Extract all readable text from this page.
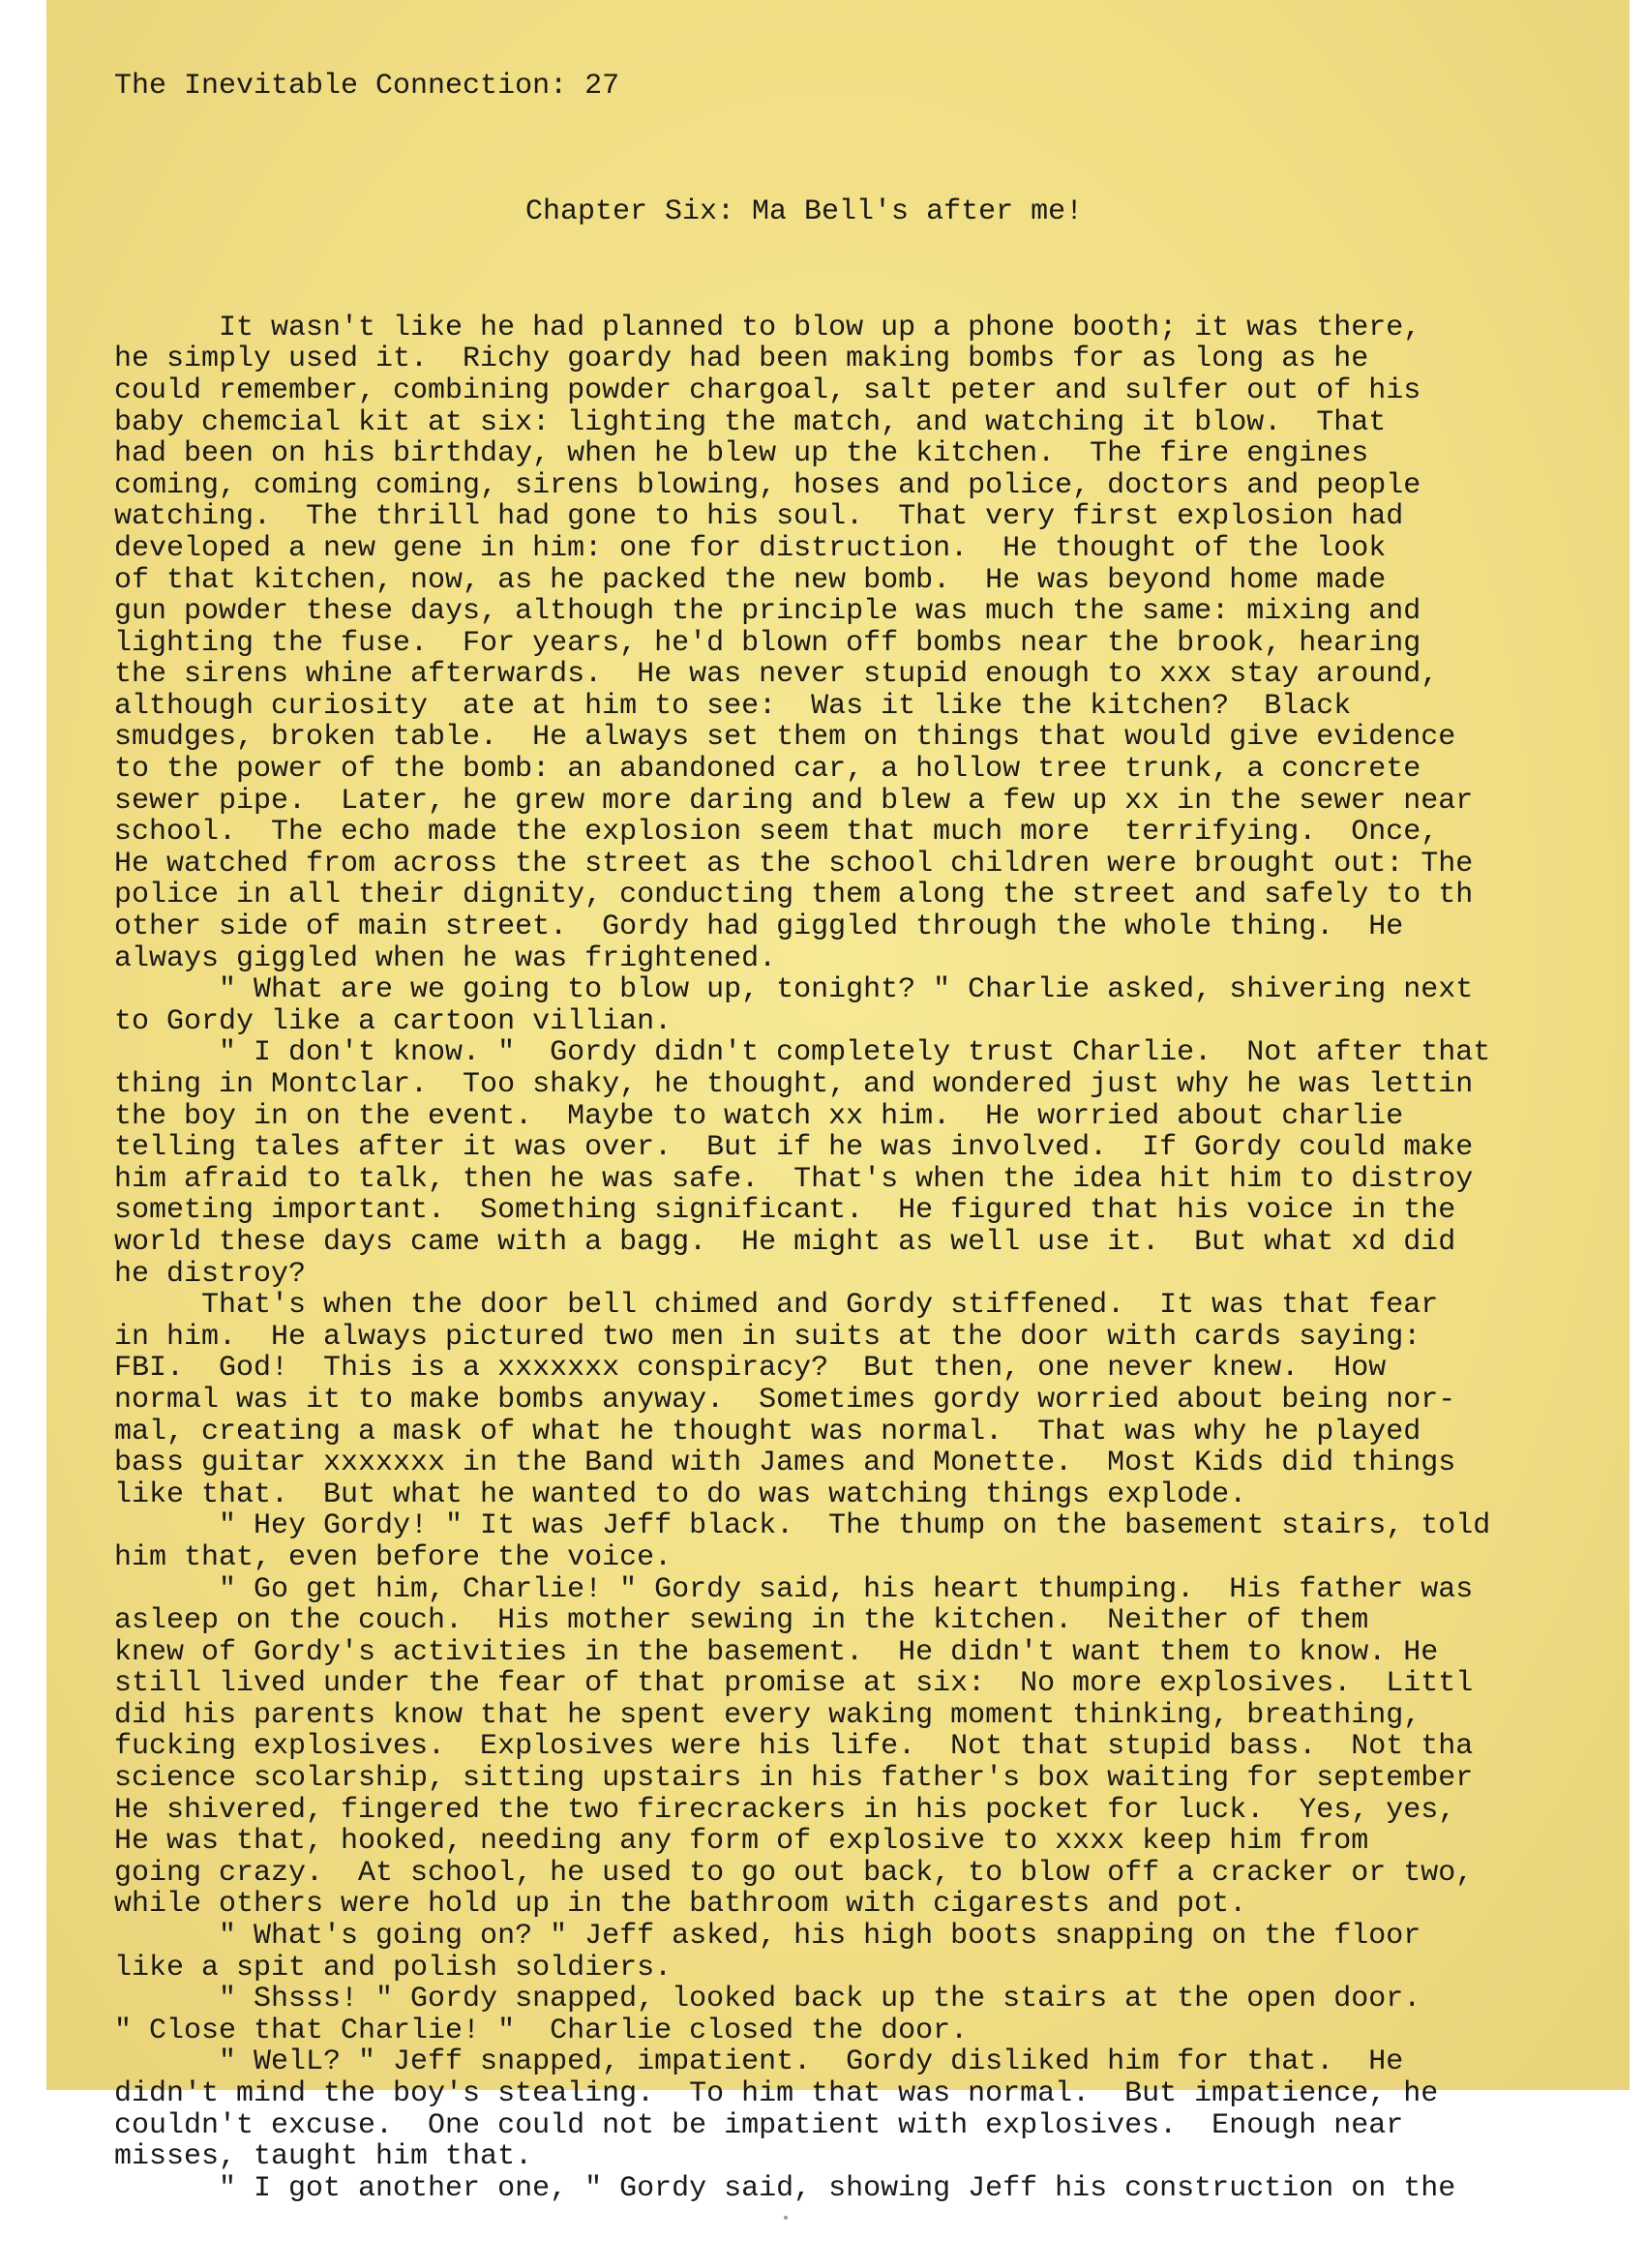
The Inevitable Connection: 27

Chapter Six: Ma Bell's after me!

It wasn't like he had planned to blow up a phone booth; it was there,
he simply used it.  Richy goardy had been making bombs for as long as he
could remember, combining powder chargoal, salt peter and sulfer out of his
baby chemcial kit at six: lighting the match, and watching it blow.  That
had been on his birthday, when he blew up the kitchen.  The fire engines
coming, coming coming, sirens blowing, hoses and police, doctors and people
watching.  The thrill had gone to his soul.  That very first explosion had
developed a new gene in him: one for distruction.  He thought of the look
of that kitchen, now, as he packed the new bomb.  He was beyond home made
gun powder these days, although the principle was much the same: mixing and
lighting the fuse.  For years, he'd blown off bombs near the brook, hearing
the sirens whine afterwards.  He was never stupid enough to xxx stay around,
although curiosity  ate at him to see:  Was it like the kitchen?  Black
smudges, broken table.  He always set them on things that would give evidence
to the power of the bomb: an abandoned car, a hollow tree trunk, a concrete
sewer pipe.  Later, he grew more daring and blew a few up xx in the sewer near
school.  The echo made the explosion seem that much more  terrifying.  Once,
He watched from across the street as the school children were brought out: The
police in all their dignity, conducting them along the street and safely to th
other side of main street.  Gordy had giggled through the whole thing.  He
always giggled when he was frightened.
" What are we going to blow up, tonight? " Charlie asked, shivering next
to Gordy like a cartoon villian.
" I don't know. "  Gordy didn't completely trust Charlie.  Not after that
thing in Montclar.  Too shaky, he thought, and wondered just why he was lettin
the boy in on the event.  Maybe to watch xx him.  He worried about charlie
telling tales after it was over.  But if he was involved.  If Gordy could make
him afraid to talk, then he was safe.  That's when the idea hit him to distroy
someting important.  Something significant.  He figured that his voice in the
world these days came with a bagg.  He might as well use it.  But what xd did
he distroy?
That's when the door bell chimed and Gordy stiffened.  It was that fear
in him.  He always pictured two men in suits at the door with cards saying:
FBI.  God!  This is a xxxxxxx conspiracy?  But then, one never knew.  How
normal was it to make bombs anyway.  Sometimes gordy worried about being nor-
mal, creating a mask of what he thought was normal.  That was why he played
bass guitar xxxxxxx in the Band with James and Monette.  Most Kids did things
like that.  But what he wanted to do was watching things explode.
" Hey Gordy! " It was Jeff black.  The thump on the basement stairs, told
him that, even before the voice.
" Go get him, Charlie! " Gordy said, his heart thumping.  His father was
asleep on the couch.  His mother sewing in the kitchen.  Neither of them
knew of Gordy's activities in the basement.  He didn't want them to know. He
still lived under the fear of that promise at six:  No more explosives.  Littl
did his parents know that he spent every waking moment thinking, breathing,
fucking explosives.  Explosives were his life.  Not that stupid bass.  Not tha
science scolarship, sitting upstairs in his father's box waiting for september
He shivered, fingered the two firecrackers in his pocket for luck.  Yes, yes,
He was that, hooked, needing any form of explosive to xxxx keep him from
going crazy.  At school, he used to go out back, to blow off a cracker or two,
while others were hold up in the bathroom with cigarests and pot.
" What's going on? " Jeff asked, his high boots snapping on the floor
like a spit and polish soldiers.
" Shsss! " Gordy snapped, looked back up the stairs at the open door.
" Close that Charlie! "  Charlie closed the door.
" WelL? " Jeff snapped, impatient.  Gordy disliked him for that.  He
didn't mind the boy's stealing.  To him that was normal.  But impatience, he
couldn't excuse.  One could not be impatient with explosives.  Enough near
misses, taught him that.
" I got another one, " Gordy said, showing Jeff his construction on the
